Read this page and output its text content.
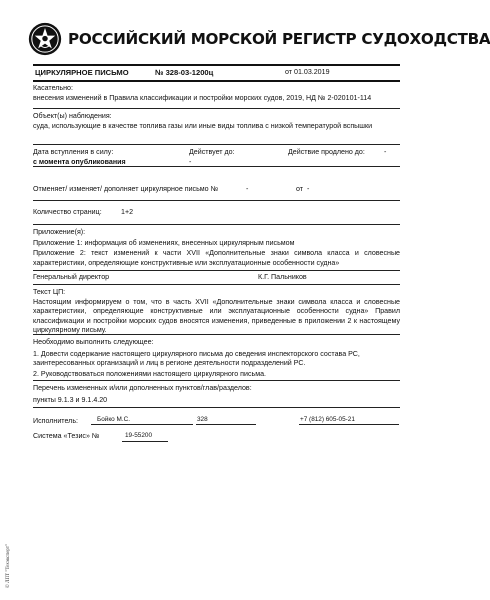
РОССИЙСКИЙ МОРСКОЙ РЕГИСТР СУДОХОДСТВА
ЦИРКУЛЯРНОЕ ПИСЬМО	№ 328-03-1200ц	от 01.03.2019
Касательно:
внесения изменений в Правила классификации и постройки морских судов, 2019, НД № 2-020101-114
Объект(ы) наблюдения:
суда, использующие в качестве топлива газы или иные виды топлива с низкой температурой вспышки
Дата вступления в силу:
с момента опубликования
Действует до:
-
Действие продлено до:	-
Отменяет/ изменяет/ дополняет циркулярное письмо №	-	от -
Количество страниц:	1+2
Приложение(я):
Приложение 1: информация об изменениях, внесенных циркулярным письмом
Приложение 2: текст изменений к части XVII «Дополнительные знаки символа класса и словесные характеристики, определяющие конструктивные или эксплуатационные особенности судна»
Генеральный директор	К.Г. Пальников
Текст ЦП:
Настоящим информируем о том, что в часть XVII «Дополнительные знаки символа класса и словесные характеристики, определяющие конструктивные или эксплуатационные особенности судна» Правил классификации и постройки морских судов вносятся изменения, приведенные в приложении 2 к настоящему циркулярному письму.
Необходимо выполнить следующее:
1. Довести содержание настоящего циркулярного письма до сведения инспекторского состава РС, заинтересованных организаций и лиц в регионе деятельности подразделений РС.
2. Руководствоваться положениями настоящего циркулярного письма.
Перечень измененных и/или дополненных пунктов/глав/разделов:
пункты 9.1.3 и 9.1.4.20
Исполнитель:	Бойко М.С.	328	+7 (812) 605-05-21
Система «Тезис» №	19-55200
© ЛПТ "Техэксперт"
